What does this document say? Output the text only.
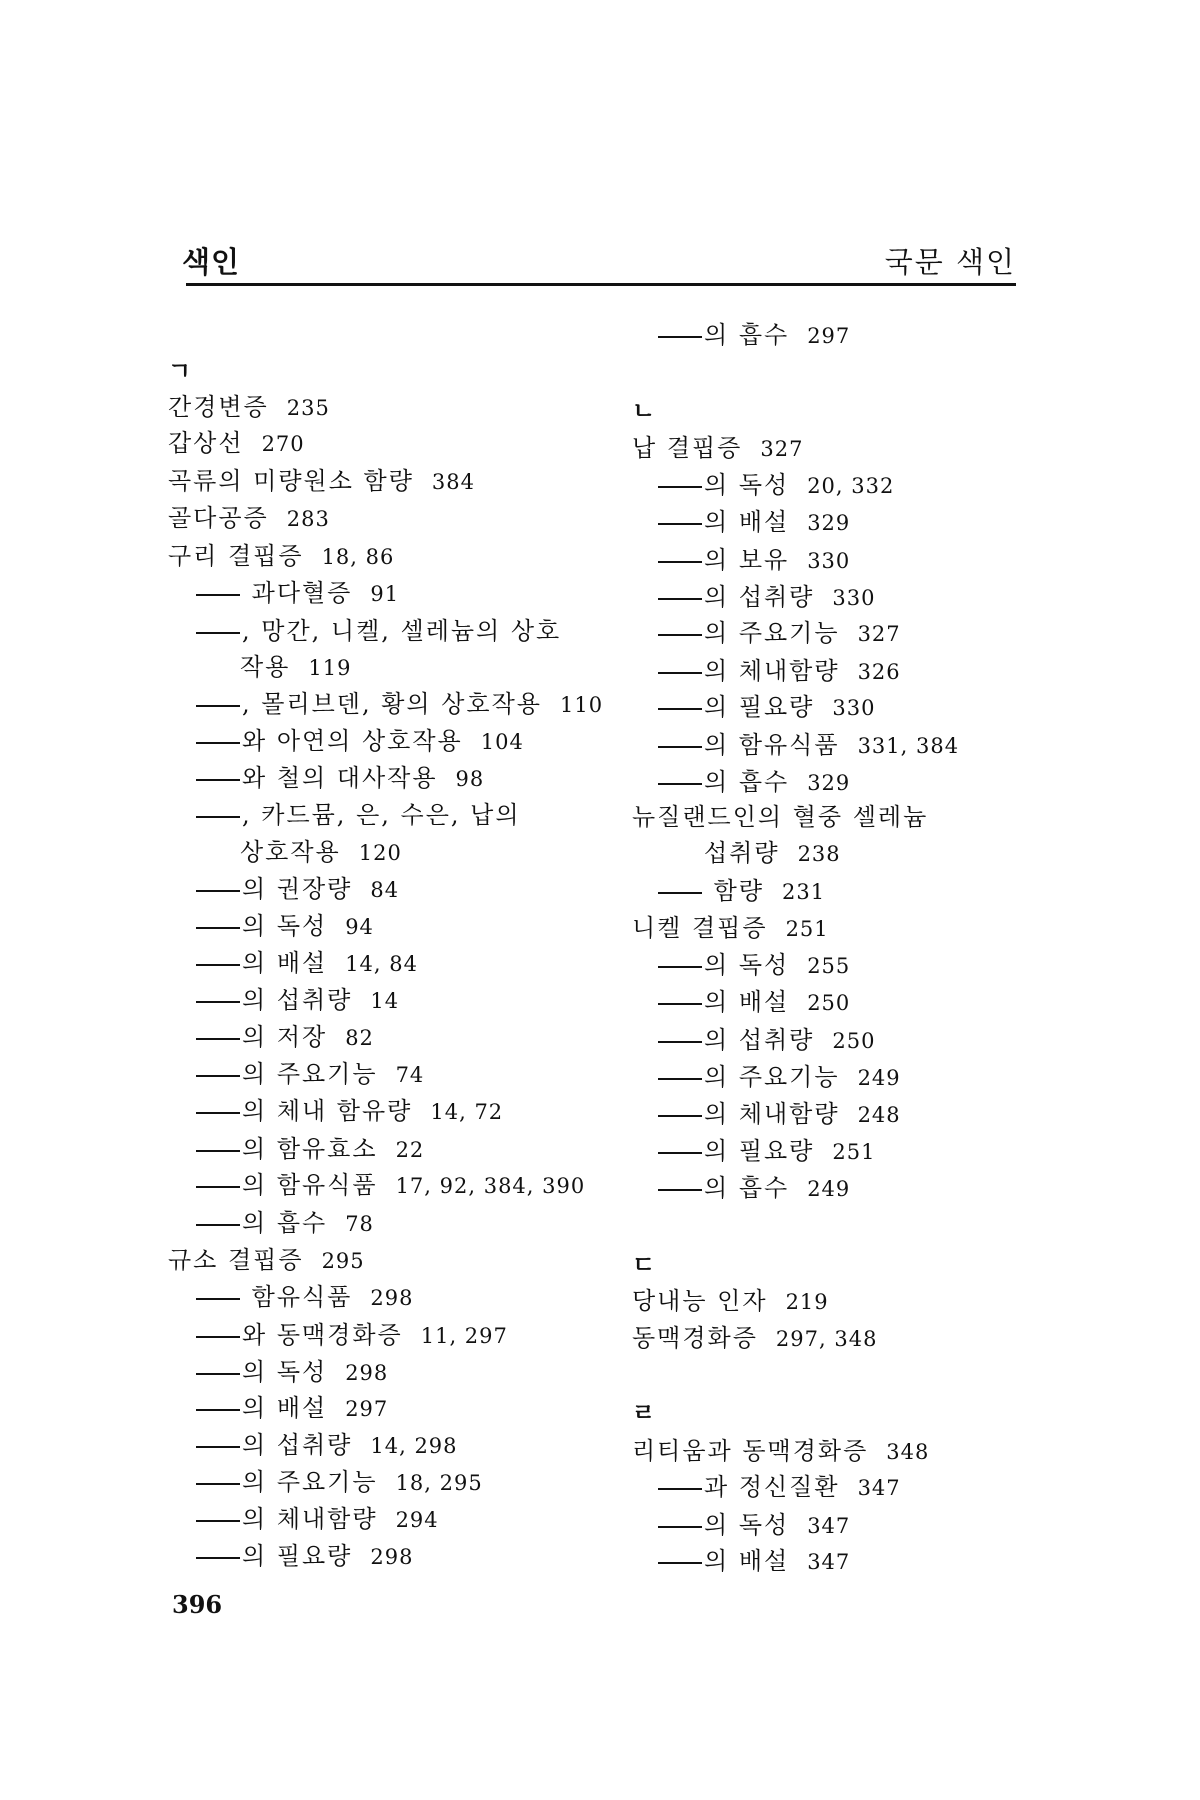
색인	국문 색인
ㄱ
간경변증 235
갑상선 270
곡류의 미량원소 함량 384
골다공증 283
구리 결핍증 18, 86
과다혈증 91
, 망간, 니켈, 셀레늄의 상호
작용 119
, 몰리브덴, 황의 상호작용 110
와 아연의 상호작용 104
와 철의 대사작용 98
, 카드뮴, 은, 수은, 납의
상호작용 120
의 권장량 84
의 독성 94
의 배설 14, 84
의 섭취량 14
의 저장 82
의 주요기능 74
의 체내 함유량 14, 72
의 함유효소 22
의 함유식품 17, 92, 384, 390
의 흡수 78
규소 결핍증 295
함유식품 298
와 동맥경화증 11, 297
의 독성 298
의 배설 297
의 섭취량 14, 298
의 주요기능 18, 295
의 체내함량 294
의 필요량 298
의 흡수 297
ㄴ
납 결핍증 327
의 독성 20, 332
의 배설 329
의 보유 330
의 섭취량 330
의 주요기능 327
의 체내함량 326
의 필요량 330
의 함유식품 331, 384
의 흡수 329
뉴질랜드인의 혈중 셀레늄
섭취량 238
함량 231
니켈 결핍증 251
의 독성 255
의 배설 250
의 섭취량 250
의 주요기능 249
의 체내함량 248
의 필요량 251
의 흡수 249
ㄷ
당내능 인자 219
동맥경화증 297, 348
ㄹ
리티움과 동맥경화증 348
과 정신질환 347
의 독성 347
의 배설 347
396
